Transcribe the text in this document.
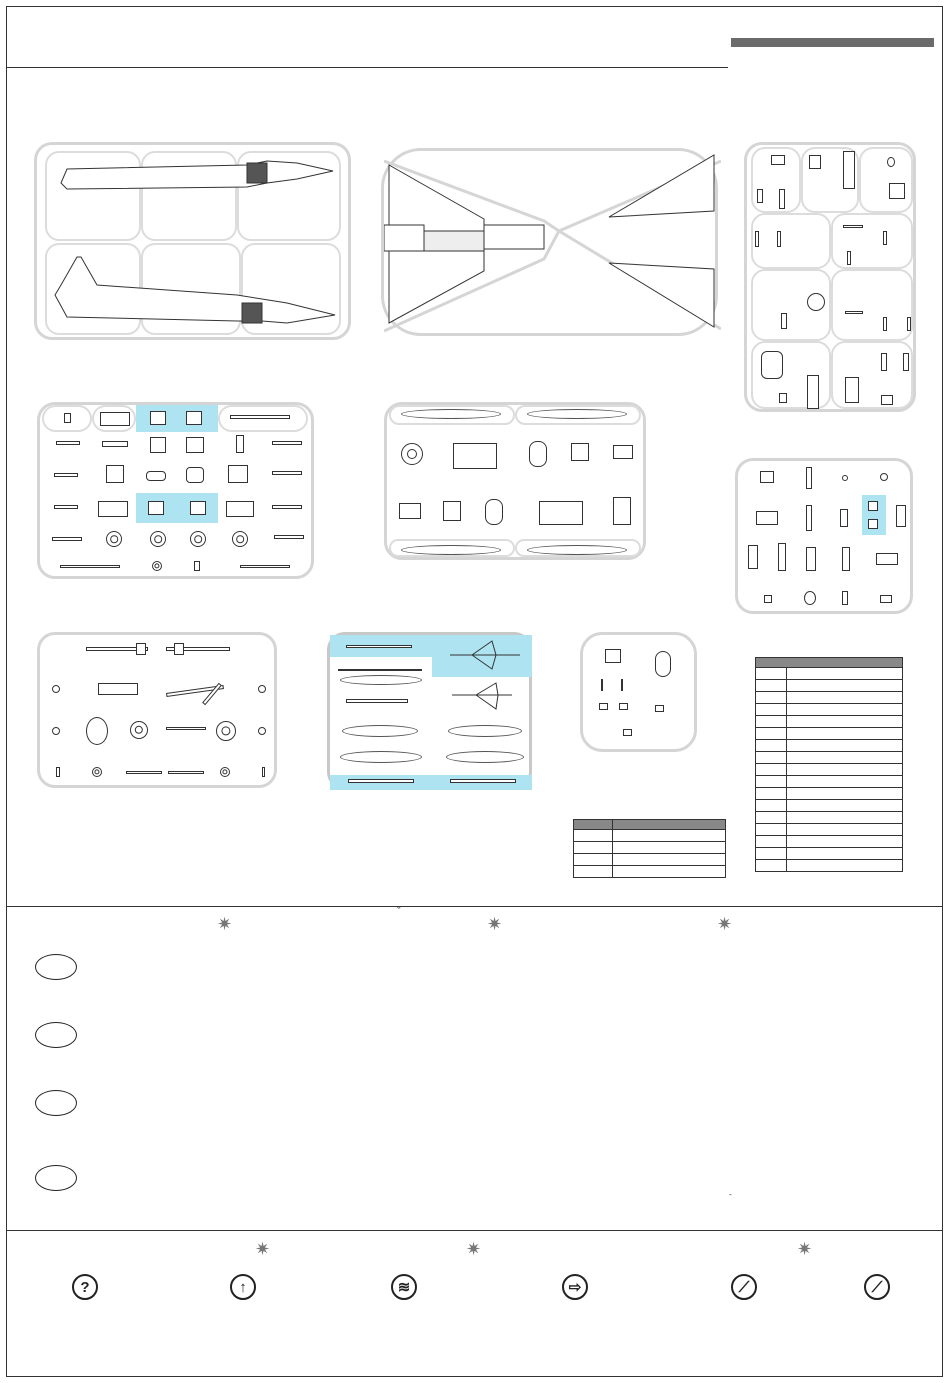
✷
ˇ
✷	✷
-
✷	✷	✷
?	↑	≋	⇨	⟋	⟋
